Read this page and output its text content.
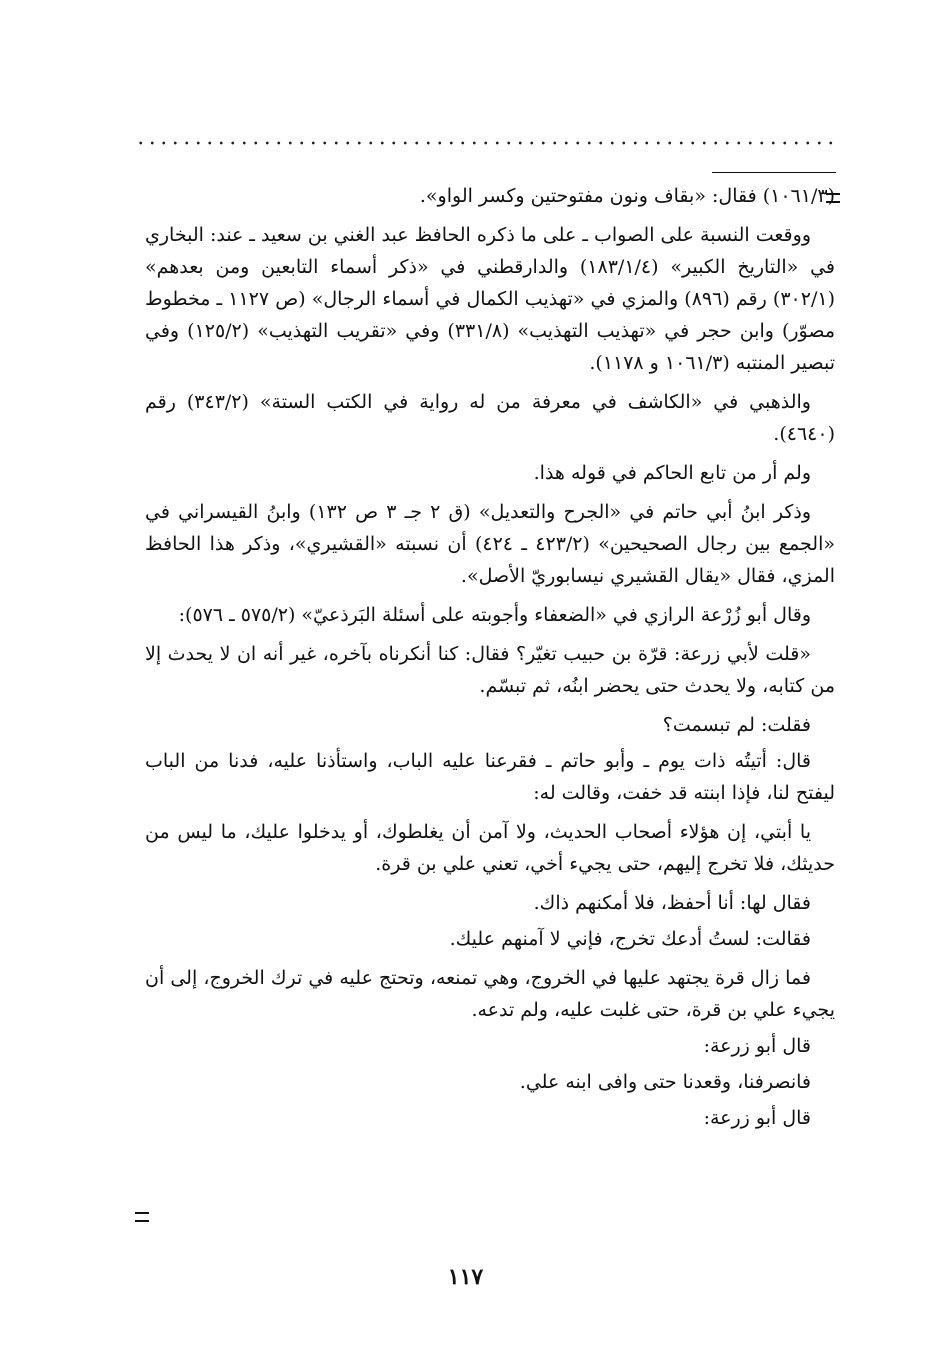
(١٠٦١/٣) فقال: «بقاف ونون مفتوحتين وكسر الواو».

ووقعت النسبة على الصواب ـ على ما ذكره الحافظ عبد الغني بن سعيد ـ عند: البخاري في «التاريخ الكبير» (١٨٣/١/٤) والدارقطني في «ذكر أسماء التابعين ومن بعدهم» (٣٠٢/١) رقم (٨٩٦) والمزي في «تهذيب الكمال في أسماء الرجال» (ص ١١٢٧ ـ مخطوط مصوّر) وابن حجر في «تهذيب التهذيب» (٣٣١/٨) وفي «تقريب التهذيب» (١٢٥/٢) وفي تبصير المنتبه (١٠٦١/٣ و ١١٧٨).

والذهبي في «الكاشف في معرفة من له رواية في الكتب الستة» (٣٤٣/٢) رقم (٤٦٤٠).

ولم أر من تابع الحاكم في قوله هذا.

وذكر ابنُ أبي حاتم في «الجرح والتعديل» (ق ٢ جـ ٣ ص ١٣٢) وابنُ القيسراني في «الجمع بين رجال الصحيحين» (٤٢٣/٢ ـ ٤٢٤) أن نسبته «القشيري»، وذكر هذا الحافظ المزي، فقال «يقال القشيري نيسابوريّ الأصل».

وقال أبو زُرْعة الرازي في «الضعفاء وأجوبته على أسئلة البَرذعيّ» (٥٧٥/٢ ـ ٥٧٦):

«قلت لأبي زرعة: قرّة بن حبيب تغيّر؟ فقال: كنا أنكرناه بآخره، غير أنه ان لا يحدث إلا من كتابه، ولا يحدث حتى يحضر ابنُه، ثم تبسّم.

فقلت: لم تبسمت؟

قال: أتيتُه ذات يوم ـ وأبو حاتم ـ فقرعنا عليه الباب، واستأذنا عليه، فدنا من الباب ليفتح لنا، فإذا ابنته قد خفت، وقالت له:

يا أبتي، إن هؤلاء أصحاب الحديث، ولا آمن أن يغلطوك، أو يدخلوا عليك، ما ليس من حديثك، فلا تخرج إليهم، حتى يجيء أخي، تعني علي بن قرة.

فقال لها: أنا أحفظ، فلا أمكنهم ذاك.

فقالت: لستُ أدعك تخرج، فإني لا آمنهم عليك.

فما زال قرة يجتهد عليها في الخروج، وهي تمنعه، وتحتج عليه في ترك الخروج، إلى أن يجيء علي بن قرة، حتى غلبت عليه، ولم تدعه.

قال أبو زرعة:

فانصرفنا، وقعدنا حتى وافى ابنه علي.

قال أبو زرعة:

١١٧
